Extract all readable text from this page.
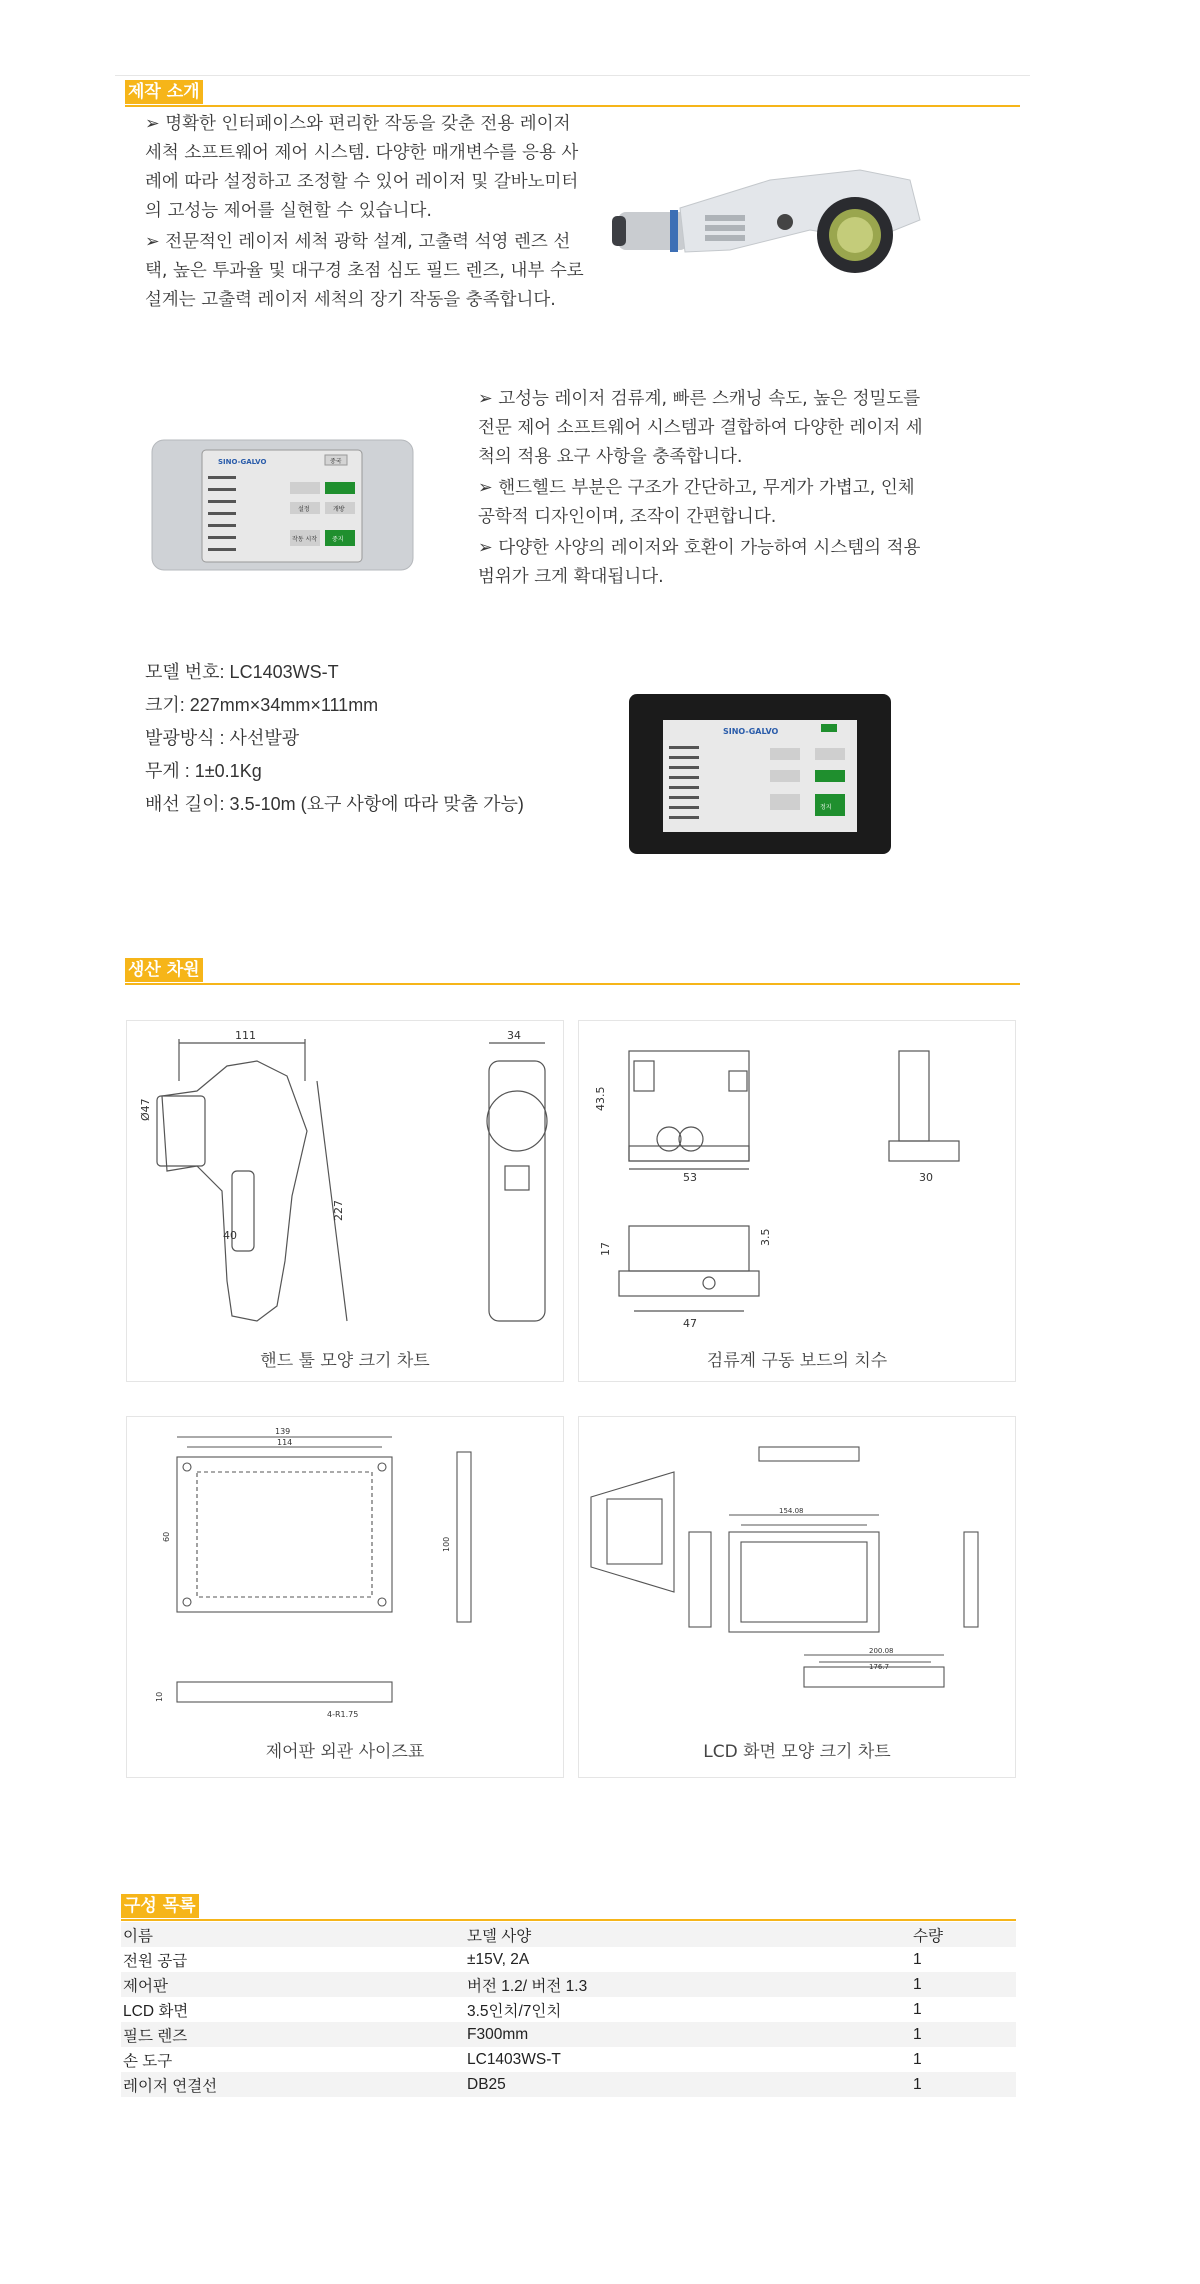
제작 소개

➢ 명확한 인터페이스와 편리한 작동을 갖춘 전용 레이저 세척 소프트웨어 제어 시스템. 다양한 매개변수를 응용 사례에 따라 설정하고 조정할 수 있어 레이저 및 갈바노미터의 고성능 제어를 실현할 수 있습니다.

➢ 전문적인 레이저 세척 광학 설계, 고출력 석영 렌즈 선택, 높은 투과율 및 대구경 초점 심도 필드 렌즈, 내부 수로 설계는 고출력 레이저 세척의 장기 작동을 충족합니다.

SINO-GALVO	중국
설정	개방
작동 시작 중지

➢ 고성능 레이저 검류계, 빠른 스캐닝 속도, 높은 정밀도를 전문 제어 소프트웨어 시스템과 결합하여 다양한 레이저 세척의 적용 요구 사항을 충족합니다.

➢ 핸드헬드 부분은 구조가 간단하고, 무게가 가볍고, 인체공학적 디자인이며, 조작이 간편합니다.

➢ 다양한 사양의 레이저와 호환이 가능하여 시스템의 적용 범위가 크게 확대됩니다.

모델 번호: LC1403WS-T
크기: 227mm×34mm×111mm
발광방식 : 사선발광
무게 : 1±0.1Kg
배선 길이: 3.5-10m (요구 사항에 따라 맞춤 가능)
SINO-GALVO
정지
생산 차원
111	34
Ø47
227
40
핸드 툴 모양 크기 차트
43.5
53	30
17
3.5
47
검류계 구동 보드의 치수
139
114
60	100
4-R1.75
10
제어판 외관 사이즈표
154.08
200.08
176.7
LCD 화면 모양 크기 차트
구성 목록
이름	모델 사양	수량
전원 공급	±15V, 2A	1
제어판	버전 1.2/ 버전 1.3	1
LCD 화면	3.5인치/7인치	1
필드 렌즈	F300mm	1
손 도구	LC1403WS-T	1
레이저 연결선	DB25	1
